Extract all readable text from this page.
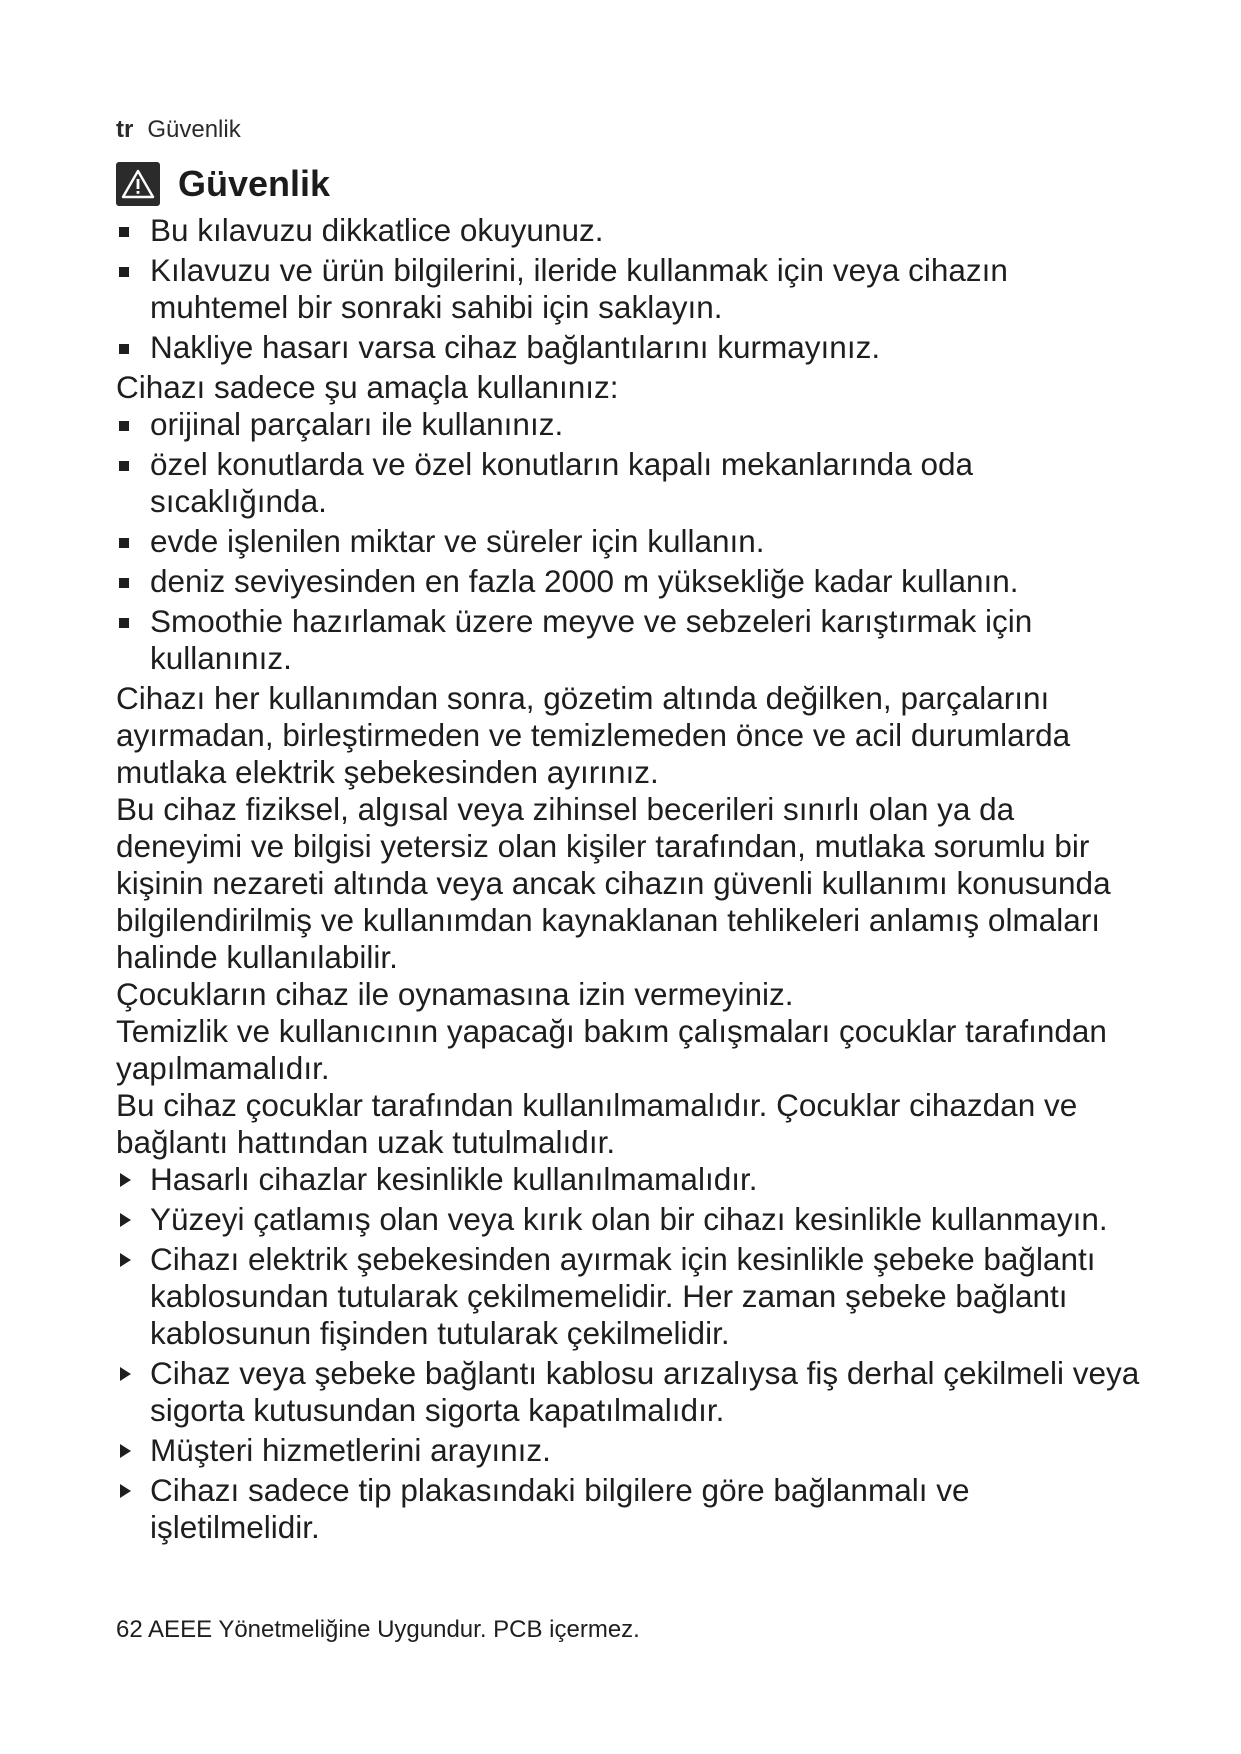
tr Güvenlik
Güvenlik
Bu kılavuzu dikkatlice okuyunuz.
Kılavuzu ve ürün bilgilerini, ileride kullanmak için veya cihazın muhtemel bir sonraki sahibi için saklayın.
Nakliye hasarı varsa cihaz bağlantılarını kurmayınız.

Cihazı sadece şu amaçla kullanınız:

orijinal parçaları ile kullanınız.
özel konutlarda ve özel konutların kapalı mekanlarında oda sıcaklığında.
evde işlenilen miktar ve süreler için kullanın.
deniz seviyesinden en fazla 2000 m yüksekliğe kadar kullanın.
Smoothie hazırlamak üzere meyve ve sebzeleri karıştırmak için kullanınız.

Cihazı her kullanımdan sonra, gözetim altında değilken, parçalarını ayırmadan, birleştirmeden ve temizlemeden önce ve acil durumlarda mutlaka elektrik şebekesinden ayırınız.

Bu cihaz fiziksel, algısal veya zihinsel becerileri sınırlı olan ya da deneyimi ve bilgisi yetersiz olan kişiler tarafından, mutlaka sorumlu bir kişinin nezareti altında veya ancak cihazın güvenli kullanımı konusunda bilgilendirilmiş ve kullanımdan kaynaklanan tehlikeleri anlamış olmaları halinde kullanılabilir.

Çocukların cihaz ile oynamasına izin vermeyiniz.

Temizlik ve kullanıcının yapacağı bakım çalışmaları çocuklar tarafından yapılmamalıdır.

Bu cihaz çocuklar tarafından kullanılmamalıdır. Çocuklar cihazdan ve bağlantı hattından uzak tutulmalıdır.

Hasarlı cihazlar kesinlikle kullanılmamalıdır.
Yüzeyi çatlamış olan veya kırık olan bir cihazı kesinlikle kullanmayın.
Cihazı elektrik şebekesinden ayırmak için kesinlikle şebeke bağlantı kablosundan tutularak çekilmemelidir. Her zaman şebeke bağlantı kablosunun fişinden tutularak çekilmelidir.
Cihaz veya şebeke bağlantı kablosu arızalıysa fiş derhal çekilmeli veya sigorta kutusundan sigorta kapatılmalıdır.
Müşteri hizmetlerini arayınız.
Cihazı sadece tip plakasındaki bilgilere göre bağlanmalı ve işletilmelidir.
62 AEEE Yönetmeliğine Uygundur. PCB içermez.
